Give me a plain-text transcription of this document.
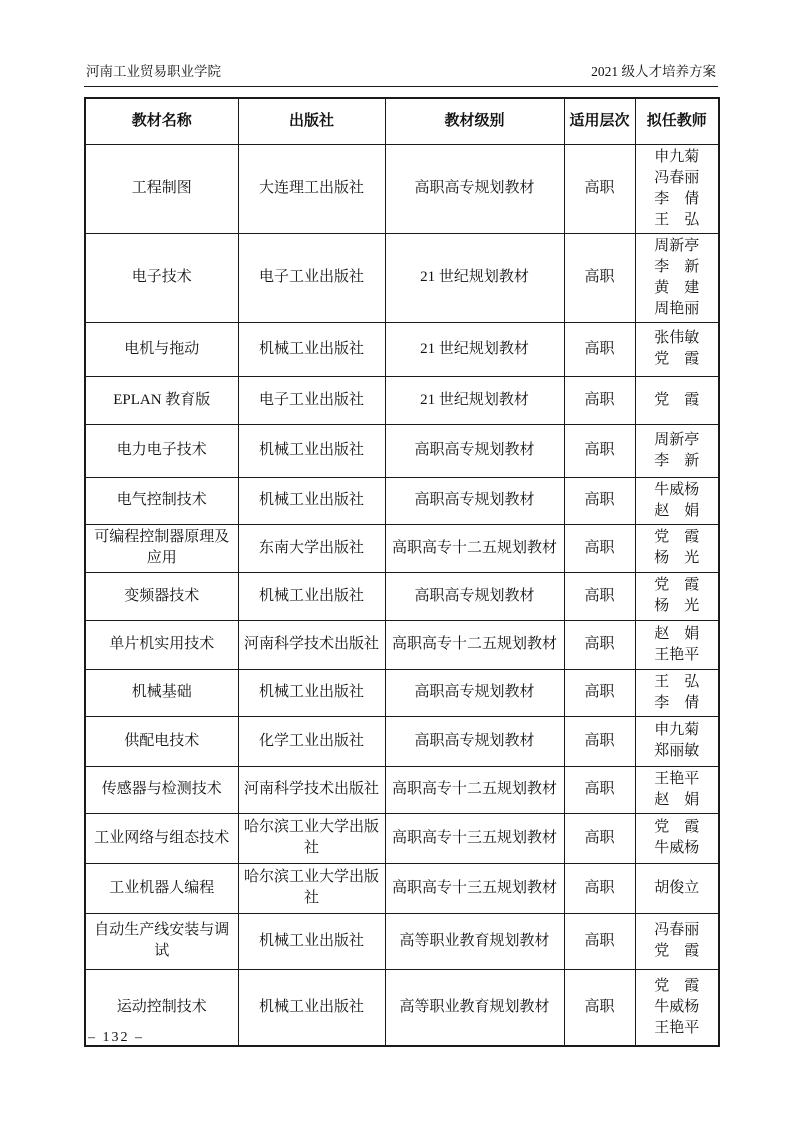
河南工业贸易职业学院	2021 级人才培养方案
教材名称	出版社	教材级别	适用层次	拟任教师
工程制图	大连理工出版社	高职高专规划教材	高职	申九菊
冯春丽
李　倩
王　弘
电子技术	电子工业出版社	21 世纪规划教材	高职	周新亭
李　新
黄　建
周艳丽
电机与拖动	机械工业出版社	21 世纪规划教材	高职	张伟敏
党　霞
EPLAN 教育版	电子工业出版社	21 世纪规划教材	高职	党　霞
电力电子技术	机械工业出版社	高职高专规划教材	高职	周新亭
李　新
电气控制技术	机械工业出版社	高职高专规划教材	高职	牛威杨
赵　娟
可编程控制器原理及应用	东南大学出版社	高职高专十二五规划教材	高职	党　霞
杨　光
变频器技术	机械工业出版社	高职高专规划教材	高职	党　霞
杨　光
单片机实用技术	河南科学技术出版社	高职高专十二五规划教材	高职	赵　娟
王艳平
机械基础	机械工业出版社	高职高专规划教材	高职	王　弘
李　倩
供配电技术	化学工业出版社	高职高专规划教材	高职	申九菊
郑丽敏
传感器与检测技术	河南科学技术出版社	高职高专十二五规划教材	高职	王艳平
赵　娟
工业网络与组态技术	哈尔滨工业大学出版社	高职高专十三五规划教材	高职	党　霞
牛威杨
工业机器人编程	哈尔滨工业大学出版社	高职高专十三五规划教材	高职	胡俊立
自动生产线安装与调试	机械工业出版社	高等职业教育规划教材	高职	冯春丽
党　霞
运动控制技术	机械工业出版社	高等职业教育规划教材	高职	党　霞
牛威杨
王艳平
– 132 –
